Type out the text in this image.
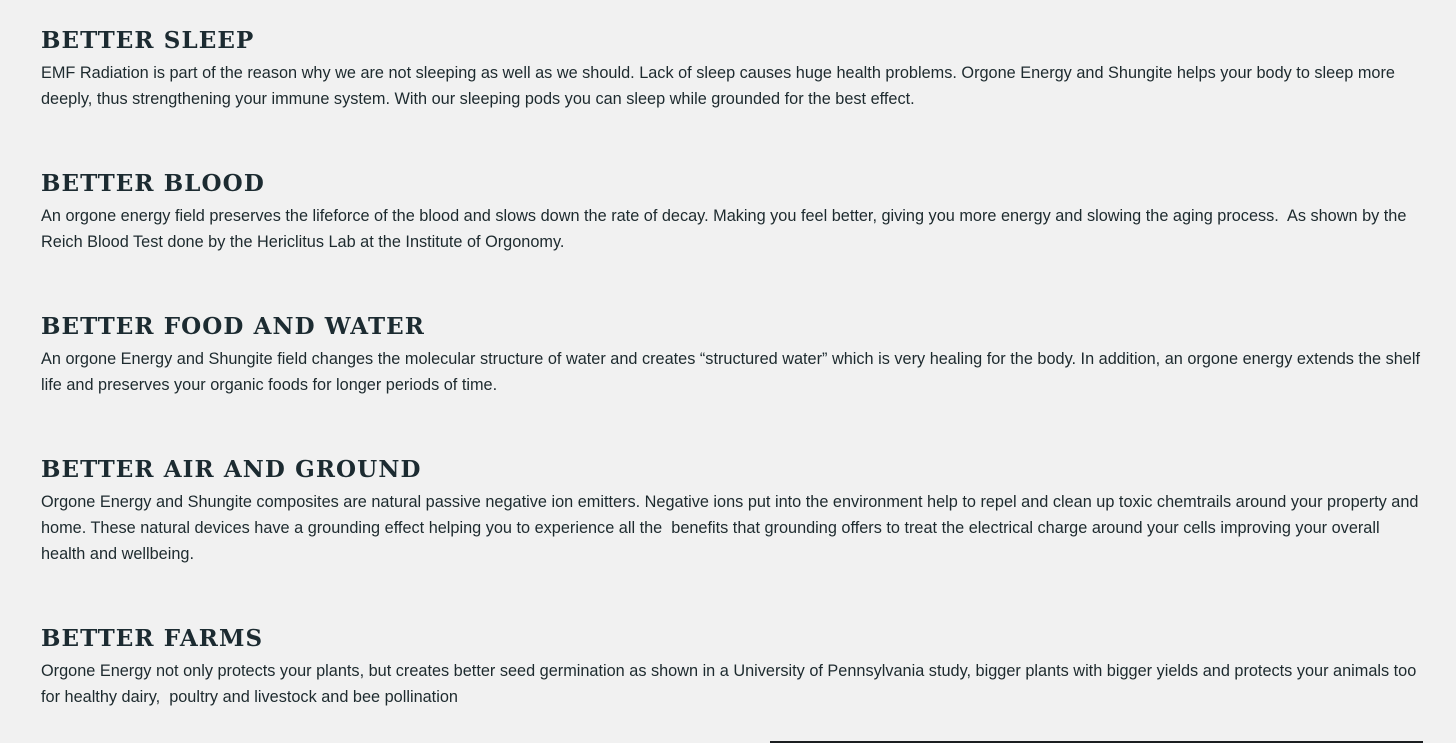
BETTER SLEEP

EMF Radiation is part of the reason why we are not sleeping as well as we should. Lack of sleep causes huge health problems. Orgone Energy and Shungite helps your body to sleep more deeply, thus strengthening your immune system. With our sleeping pods you can sleep while grounded for the best effect.

BETTER BLOOD

An orgone energy field preserves the lifeforce of the blood and slows down the rate of decay. Making you feel better, giving you more energy and slowing the aging process.  As shown by the Reich Blood Test done by the Hericlitus Lab at the Institute of Orgonomy.

BETTER FOOD AND WATER

An orgone Energy and Shungite field changes the molecular structure of water and creates “structured water” which is very healing for the body. In addition, an orgone energy extends the shelf life and preserves your organic foods for longer periods of time.

BETTER AIR AND GROUND

Orgone Energy and Shungite composites are natural passive negative ion emitters. Negative ions put into the environment help to repel and clean up toxic chemtrails around your property and home. These natural devices have a grounding effect helping you to experience all the  benefits that grounding offers to treat the electrical charge around your cells improving your overall health and wellbeing.

BETTER FARMS

Orgone Energy not only protects your plants, but creates better seed germination as shown in a University of Pennsylvania study, bigger plants with bigger yields and protects your animals too for healthy dairy,  poultry and livestock and bee pollination
